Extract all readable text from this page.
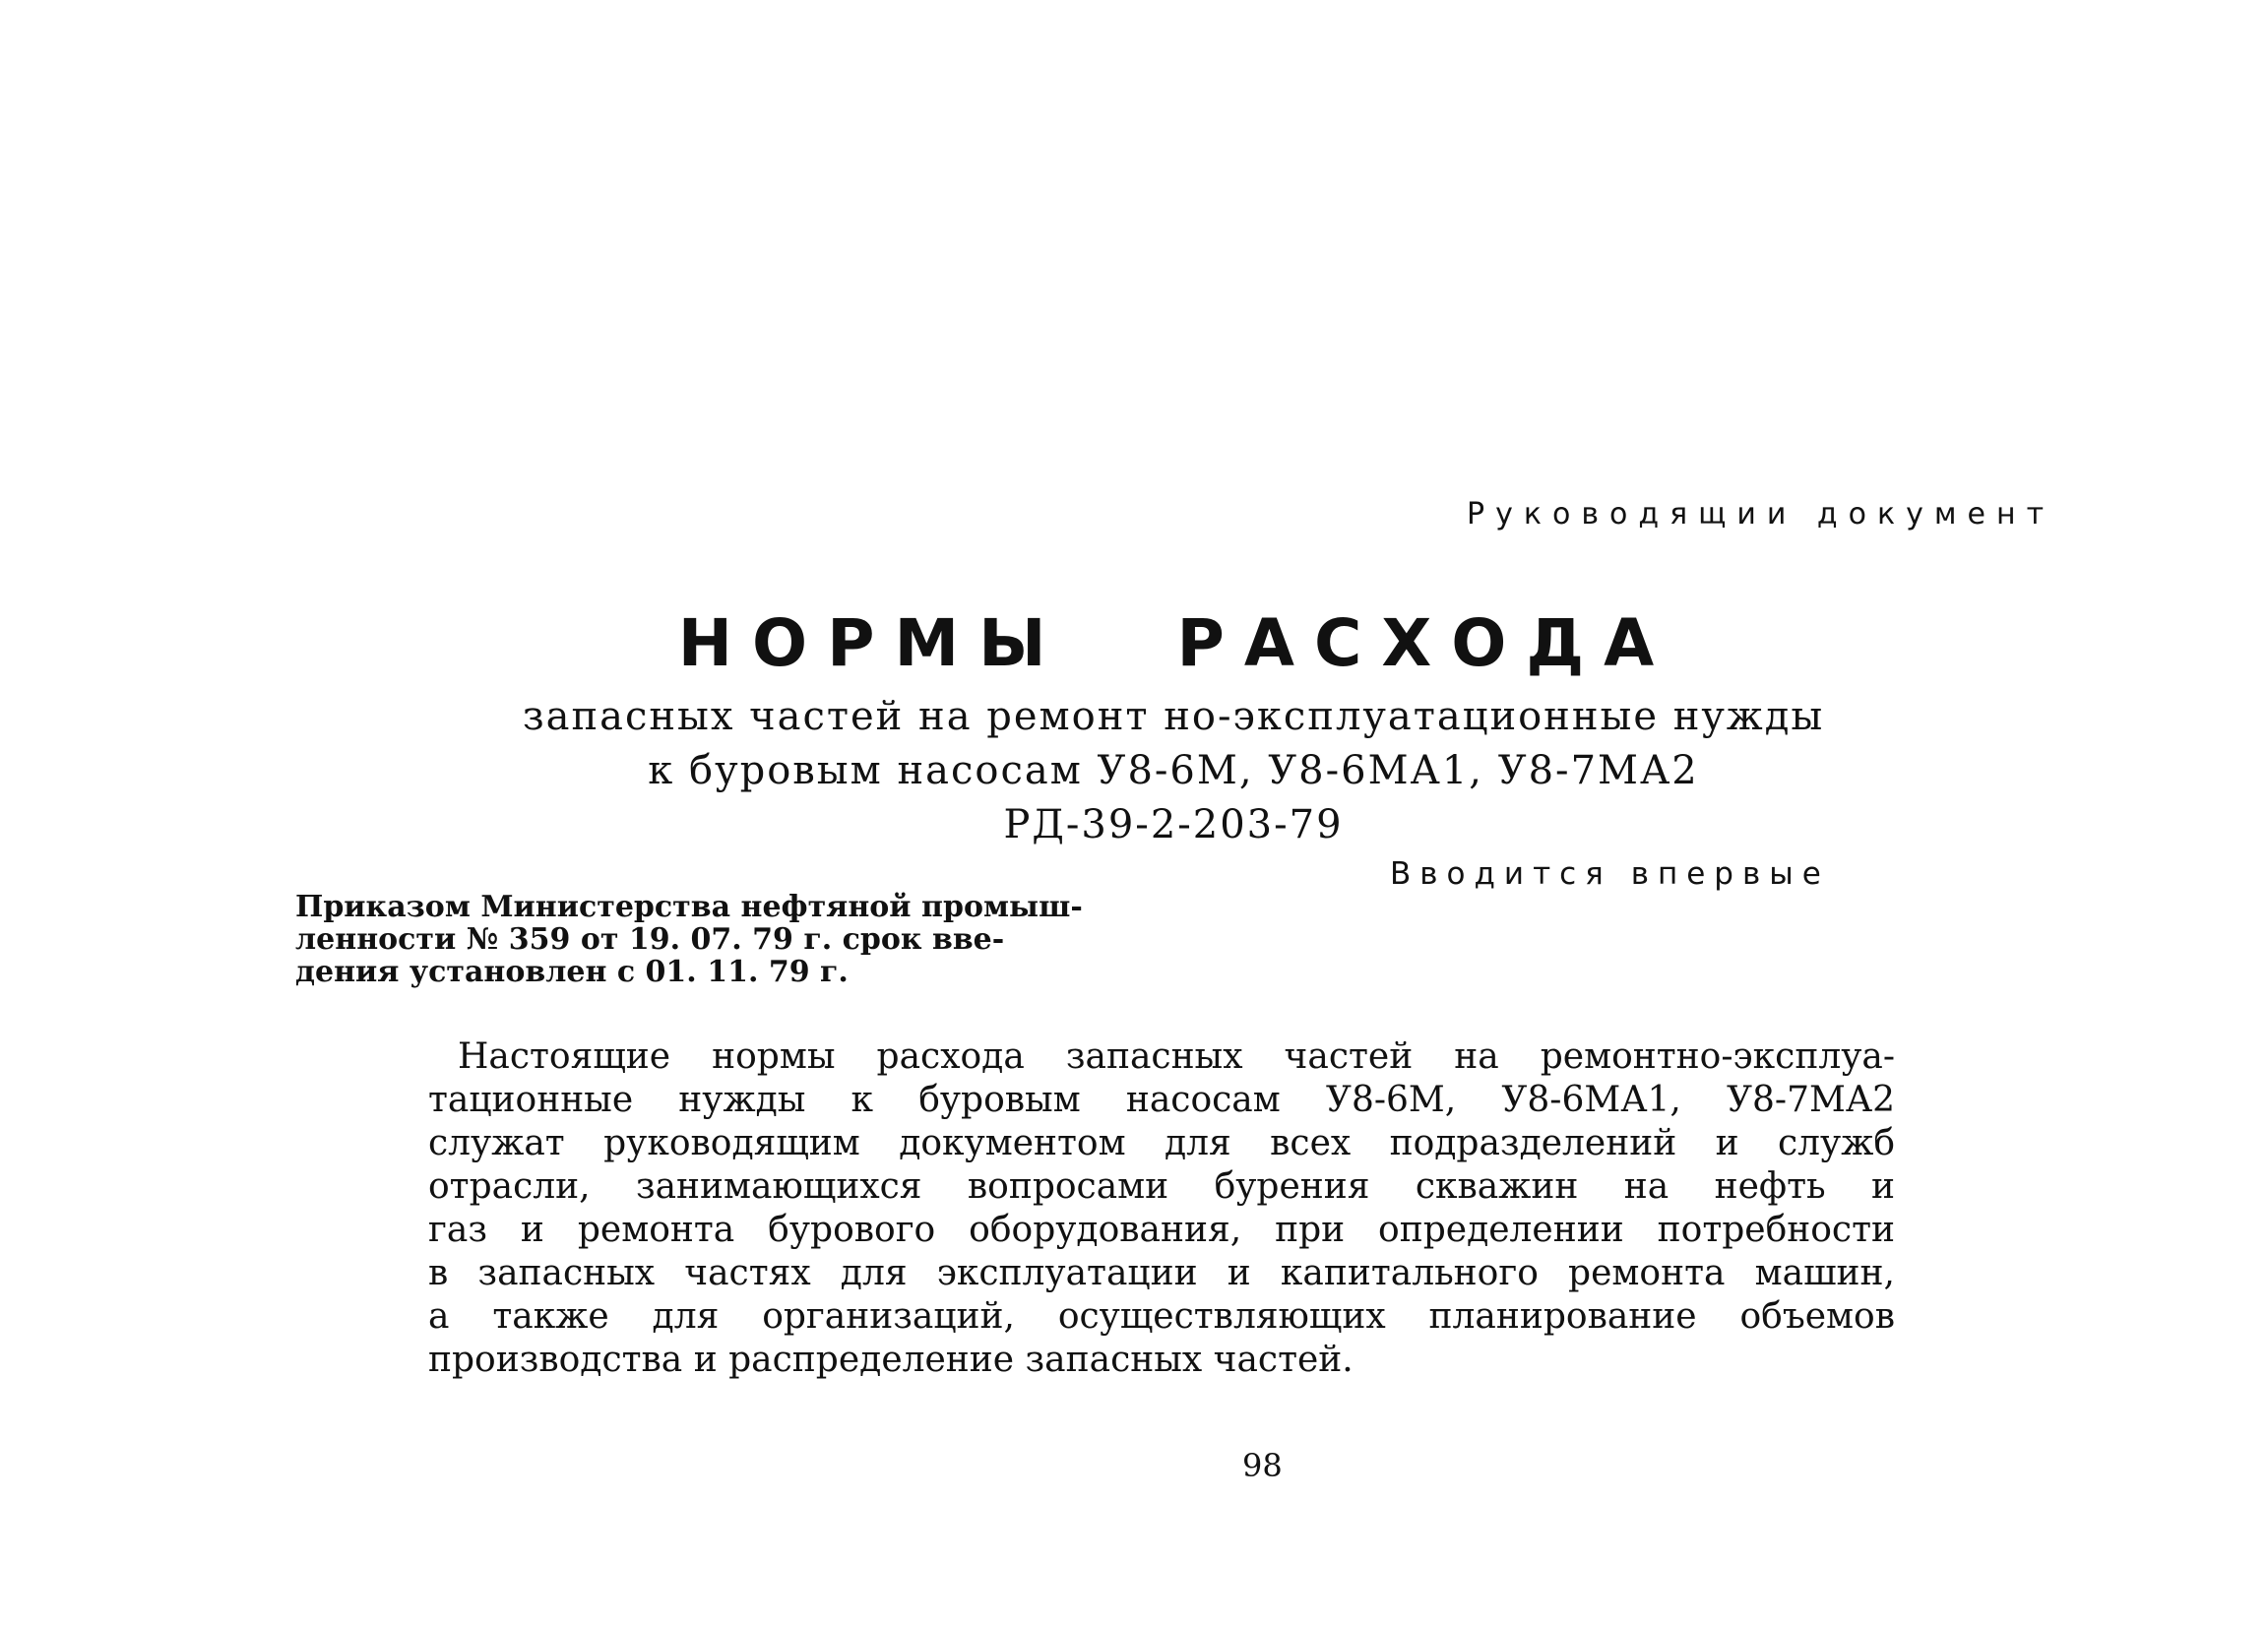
Руководящии документ
НОРМЫ РАСХОДА
запасных частей на ремонт но-эксплуатационные нужды
к буровым насосам У8-6М, У8-6МА1, У8-7МА2
РД-39-2-203-79
Вводится впервые
Приказом Министерства нефтяной промыш-
ленности № 359 от 19. 07. 79 г. срок вве-
дения установлен с 01. 11. 79 г.
Настоящие нормы расхода запасных частей на ремонтно-эксплуа-
тационные нужды к буровым насосам У8-6М, У8-6МА1, У8-7МА2
служат руководящим документом для всех подразделений и служб
отрасли, занимающихся вопросами бурения скважин на нефть и
газ и ремонта бурового оборудования, при определении потребности
в запасных частях для эксплуатации и капитального ремонта машин,
а также для организаций, осуществляющих планирование объемов
производства и распределение запасных частей.
98
